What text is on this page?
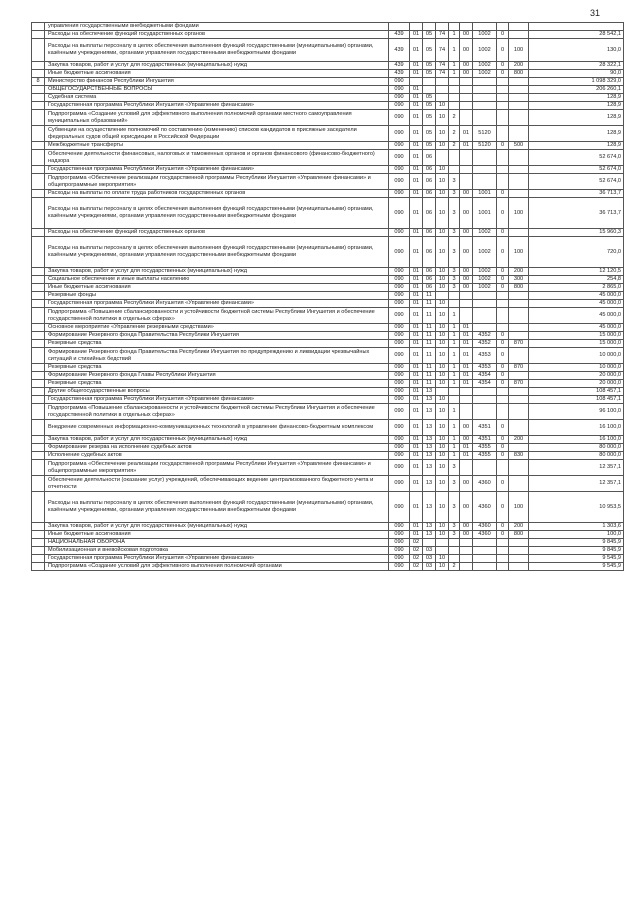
31
	управления государственными внебюджетными фондами										
	Расходы на обеспечение функций государственных органов	439	01	05	74	1	00	1002	0		28 542,1
	Расходы на выплаты персоналу в целях обеспечения выполнения функций государственными (муниципальными) органами, казёнными учреждениями, органами управления государственными внебюджетными фондами	439	01	05	74	1	00	1002	0	100	130,0
	Закупка товаров, работ и услуг для государственных (муниципальных) нужд	439	01	05	74	1	00	1002	0	200	28 322,1
	Иные бюджетные ассигнования	439	01	05	74	1	00	1002	0	800	90,0
8	Министерство финансов Республики Ингушетия	090									1 098 329,0
	ОБЩЕГОСУДАРСТВЕННЫЕ ВОПРОСЫ	090	01								206 260,1
	Судебная система	090	01	05							128,9
	Государственная программа Республики Ингушетия «Управление финансами»	090	01	05	10						128,9
	Подпрограмма «Создание условий для эффективного выполнения полномочий органами местного самоуправления муниципальных образований»	090	01	05	10	2					128,9
	Субвенции на осуществление полномочий по составлению (изменению) списков кандидатов в присяжные заседатели федеральных судов общей юрисдикции в Российской Федерации	090	01	05	10	2	01	5120			128,9
	Межбюджетные трансферты	090	01	05	10	2	01	5120	0	500	128,9
	Обеспечение деятельности финансовых, налоговых и таможенных органов и органов финансового (финансово-бюджетного) надзора	090	01	06							52 674,0
	Государственная программа Республики Ингушетия «Управление финансами»	090	01	06	10						52 674,0
	Подпрограмма «Обеспечение реализации государственной программы Республики Ингушетия «Управление финансами» и общепрограммные мероприятия»	090	01	06	10	3					52 674,0
	Расходы на выплаты по оплате труда работников государственных органов	090	01	06	10	3	00	1001	0		36 713,7
	Расходы на выплаты персоналу в целях обеспечения выполнения функций государственными (муниципальными) органами, казёнными учреждениями, органами управления государственными внебюджетными фондами	090	01	06	10	3	00	1001	0	100	36 713,7
	Расходы на обеспечение функций государственных органов	090	01	06	10	3	00	1002	0		15 960,3
	Расходы на выплаты персоналу в целях обеспечения выполнения функций государственными (муниципальными) органами, казёнными учреждениями, органами управления государственными внебюджетными фондами	090	01	06	10	3	00	1002	0	100	720,0
	Закупка товаров, работ и услуг для государственных (муниципальных) нужд	090	01	06	10	3	00	1002	0	200	12 120,5
	Социальное обеспечение и иные выплаты населению	090	01	06	10	3	00	1002	0	300	254,8
	Иные бюджетные ассигнования	090	01	06	10	3	00	1002	0	800	2 865,0
	Резервные фонды	090	01	11							45 000,0
	Государственная программа Республики Ингушетия «Управление финансами»	090	01	11	10						45 000,0
	Подпрограмма «Повышение сбалансированности и устойчивости бюджетной системы Республики Ингушетия и обеспечение государственной политики в отдельных сферах»	090	01	11	10	1					45 000,0
	Основное мероприятие «Управление резервными средствами»	090	01	11	10	1	01				45 000,0
	Формирование Резервного фонда Правительства Республики Ингушетия	090	01	11	10	1	01	4352	0		15 000,0
	Резервные средства	090	01	11	10	1	01	4352	0	870	15 000,0
	Формирование Резервного фонда Правительства Республики Ингушетия по предупреждению и ликвидации чрезвычайных ситуаций и стихийных бедствий	090	01	11	10	1	01	4353	0		10 000,0
	Резервные средства	090	01	11	10	1	01	4353	0	870	10 000,0
	Формирование Резервного фонда Главы Республики Ингушетия	090	01	11	10	1	01	4354	0		20 000,0
	Резервные средства	090	01	11	10	1	01	4354	0	870	20 000,0
	Другие общегосударственные вопросы	090	01	13							108 457,1
	Государственная программа Республики Ингушетия «Управление финансами»	090	01	13	10						108 457,1
	Подпрограмма «Повышение сбалансированности и устойчивости бюджетной системы Республики Ингушетия и обеспечение государственной политики в отдельных сферах»	090	01	13	10	1					96 100,0
	Внедрение современных информационно-коммуникационных технологий в управление финансово-бюджетным комплексом	090	01	13	10	1	00	4351	0		16 100,0
	Закупка товаров, работ и услуг для государственных (муниципальных) нужд	090	01	13	10	1	00	4351	0	200	16 100,0
	Формирование резерва на исполнение судебных актов	090	01	13	10	1	01	4355	0		80 000,0
	Исполнение судебных актов	090	01	13	10	1	01	4355	0	830	80 000,0
	Подпрограмма «Обеспечение реализации государственной программы Республики Ингушетия «Управление финансами» и общепрограммные мероприятия»	090	01	13	10	3					12 357,1
	Обеспечение деятельности (оказание услуг) учреждений, обеспечивающих ведение централизованного бюджетного учета и отчетности	090	01	13	10	3	00	4360	0		12 357,1
	Расходы на выплаты персоналу в целях обеспечения выполнения функций государственными (муниципальными) органами, казёнными учреждениями, органами управления государственными внебюджетными фондами	090	01	13	10	3	00	4360	0	100	10 953,5
	Закупка товаров, работ и услуг для государственных (муниципальных) нужд	090	01	13	10	3	00	4360	0	200	1 303,6
	Иные бюджетные ассигнования	090	01	13	10	3	00	4360	0	800	100,0
	НАЦИОНАЛЬНАЯ ОБОРОНА	090	02								9 845,9
	Мобилизационная и вневойсковая подготовка	090	02	03							9 845,9
	Государственная программа Республики Ингушетия «Управление финансами»	090	02	03	10						9 545,9
	Подпрограмма «Создание условий для эффективного выполнения полномочий органами	090	02	03	10	2					9 545,9
